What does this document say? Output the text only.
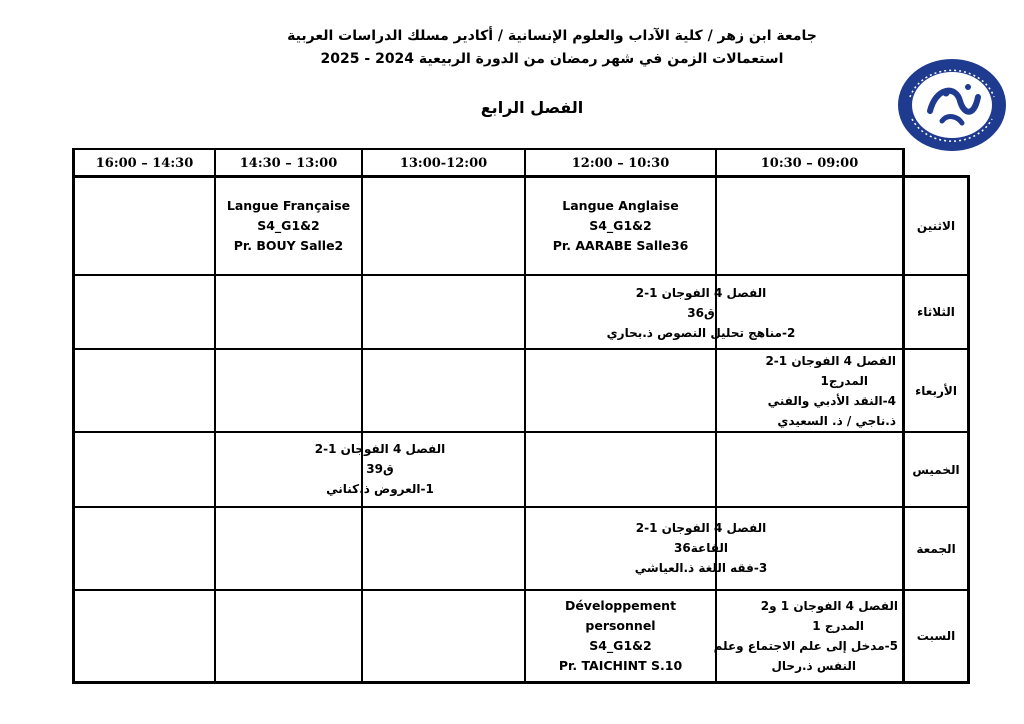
جامعة ابن زهر / كلية الآداب والعلوم الإنسانية / أكادير مسلك الدراسات العربية
استعمالات الزمن في شهر رمضان من الدورة الربيعية 2024 - 2025
الفصل الرابع
10:30 – 09:00
12:00 – 10:30
13:00-12:00
14:30 – 13:00
16:00 – 14:30
الاثنين
الثلاثاء
الأربعاء
الخميس
الجمعة
السبت
Langue Anglaise
S4_G1&2
Pr. AARABE Salle36
Langue Française
S4_G1&2
Pr. BOUY Salle2
الفصل 4 الفوجان 1-2
ق36
2-مناهج تحليل النصوص ذ.بحاري
الفصل 4 الفوجان 1-2
المدرج1
4-النقد الأدبي والفني
ذ.ناجي / ذ. السعيدي
الفصل 4 الفوجان 1-2
ق39
1-العروض ذ.كناني
الفصل 4 الفوجان 1-2
القاعة36
3-فقه اللغة ذ.العياشي
الفصل 4 الفوجان 1 و2
المدرج 1
5-مدخل إلى علم الاجتماع وعلم
النفس ذ.رحال
Développement
personnel
S4_G1&2
Pr. TAICHINT S.10
